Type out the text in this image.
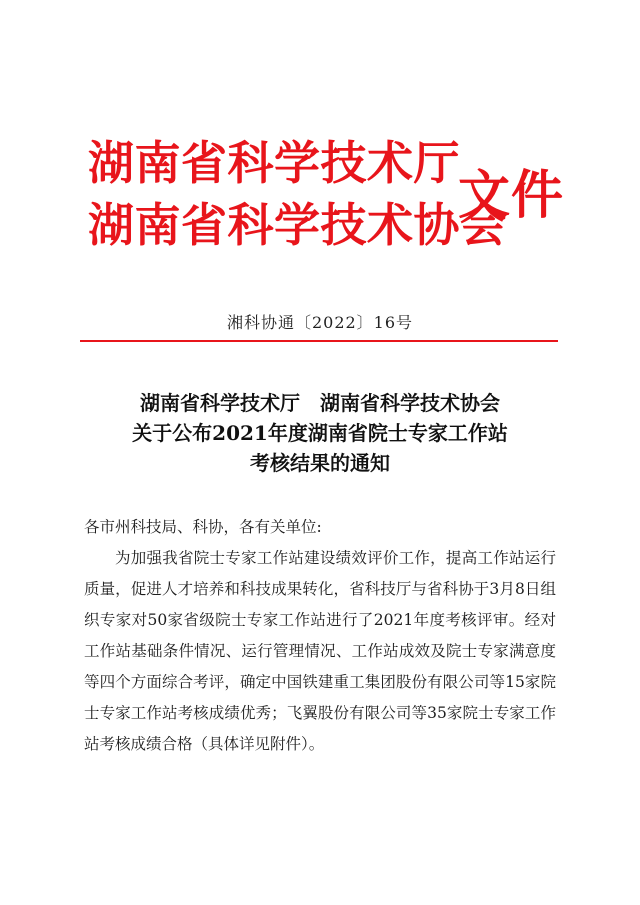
湖南省科学技术厅
湖南省科学技术协会
文件
湘科协通〔2022〕16号
湖南省科学技术厅　湖南省科学技术协会
关于公布2021年度湖南省院士专家工作站
考核结果的通知

各市州科技局、科协，各有关单位:

为加强我省院士专家工作站建设绩效评价工作，提高工作站运行质量，促进人才培养和科技成果转化，省科技厅与省科协于3月8日组织专家对50家省级院士专家工作站进行了2021年度考核评审。经对工作站基础条件情况、运行管理情况、工作站成效及院士专家满意度等四个方面综合考评，确定中国铁建重工集团股份有限公司等15家院士专家工作站考核成绩优秀；飞翼股份有限公司等35家院士专家工作站考核成绩合格（具体详见附件）。
